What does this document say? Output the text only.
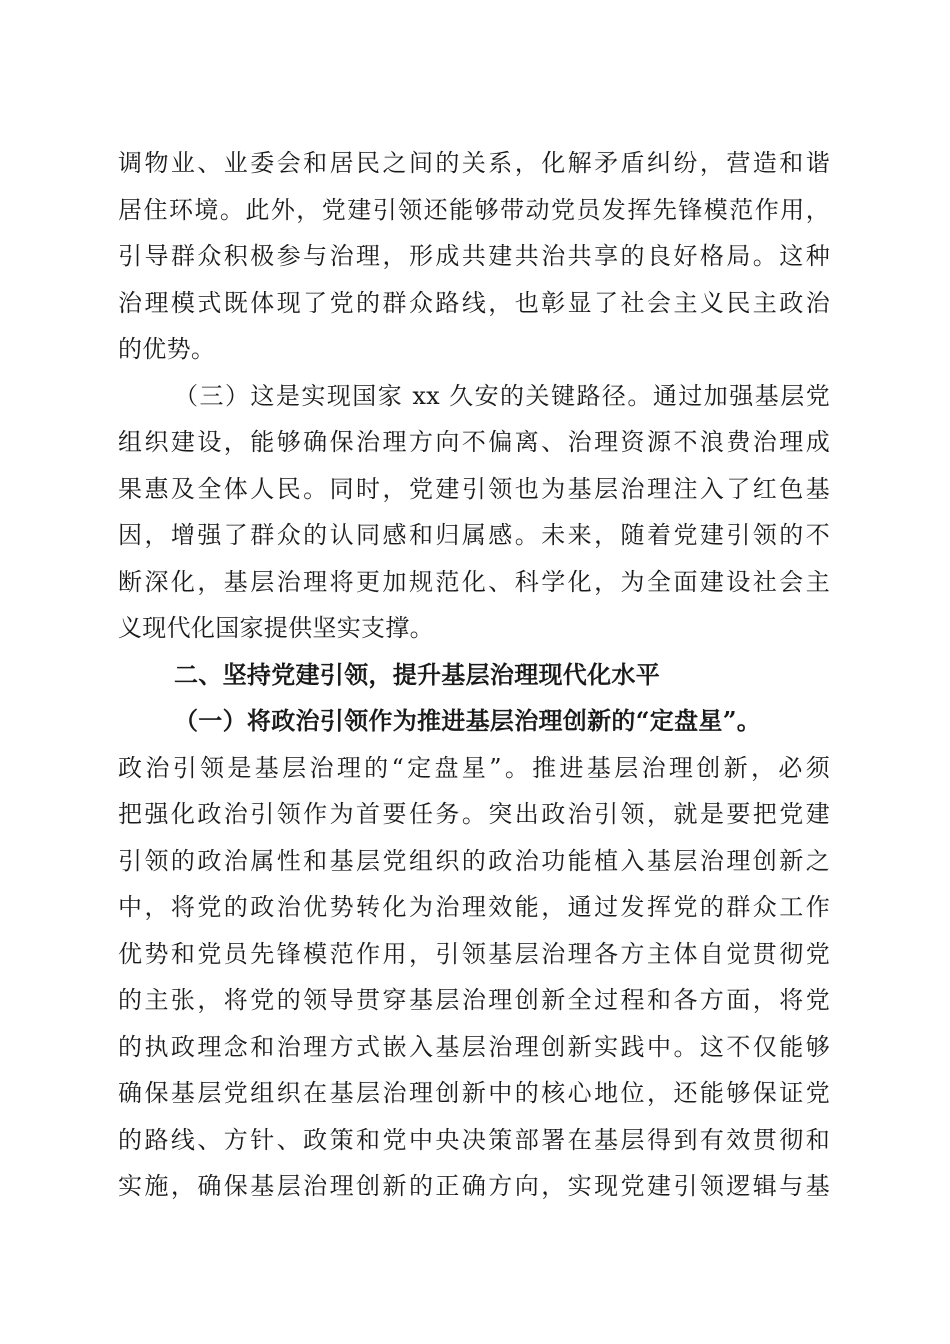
调物业、业委会和居民之间的关系，化解矛盾纠纷，营造和谐
居住环境。此外，党建引领还能够带动党员发挥先锋模范作用，
引导群众积极参与治理，形成共建共治共享的良好格局。这种
治理模式既体现了党的群众路线，也彰显了社会主义民主政治
的优势。
（三）这是实现国家 xx 久安的关键路径。通过加强基层党
组织建设，能够确保治理方向不偏离、治理资源不浪费治理成
果惠及全体人民。同时，党建引领也为基层治理注入了红色基
因，增强了群众的认同感和归属感。未来，随着党建引领的不
断深化，基层治理将更加规范化、科学化，为全面建设社会主
义现代化国家提供坚实支撑。
二、坚持党建引领，提升基层治理现代化水平
（一）将政治引领作为推进基层治理创新的“定盘星”。
政治引领是基层治理的“定盘星”。推进基层治理创新，必须
把强化政治引领作为首要任务。突出政治引领，就是要把党建
引领的政治属性和基层党组织的政治功能植入基层治理创新之
中，将党的政治优势转化为治理效能，通过发挥党的群众工作
优势和党员先锋模范作用，引领基层治理各方主体自觉贯彻党
的主张，将党的领导贯穿基层治理创新全过程和各方面，将党
的执政理念和治理方式嵌入基层治理创新实践中。这不仅能够
确保基层党组织在基层治理创新中的核心地位，还能够保证党
的路线、方针、政策和党中央决策部署在基层得到有效贯彻和
实施，确保基层治理创新的正确方向，实现党建引领逻辑与基
